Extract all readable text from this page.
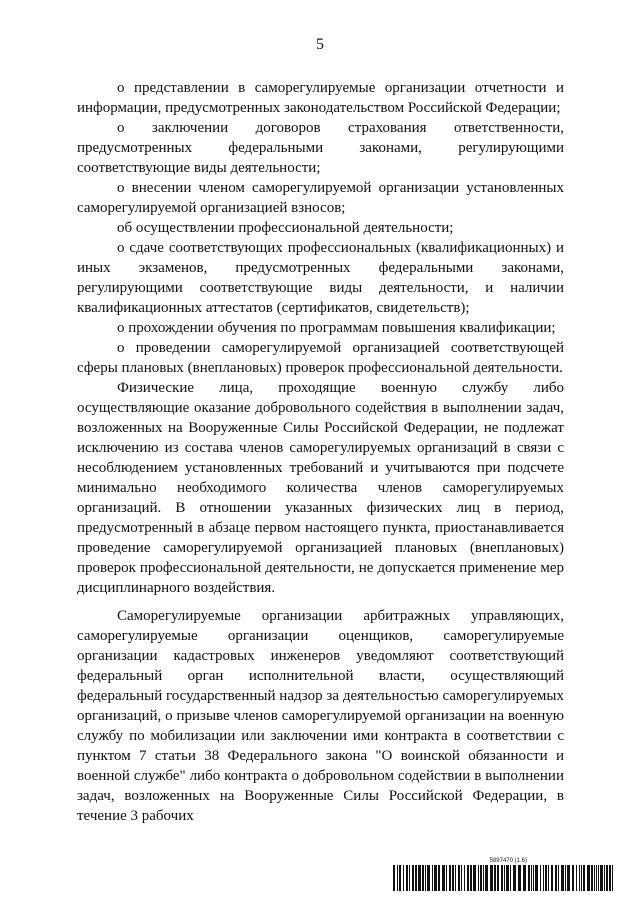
5

о представлении в саморегулируемые организации отчетности и информации, предусмотренных законодательством Российской Федерации;

о заключении договоров страхования ответственности, предусмотренных федеральными законами, регулирующими соответствующие виды деятельности;

о внесении членом саморегулируемой организации установленных саморегулируемой организацией взносов;

об осуществлении профессиональной деятельности;

о сдаче соответствующих профессиональных (квалификационных) и иных экзаменов, предусмотренных федеральными законами, регулирующими соответствующие виды деятельности, и наличии квалификационных аттестатов (сертификатов, свидетельств);

о прохождении обучения по программам повышения квалификации;

о проведении саморегулируемой организацией соответствующей сферы плановых (внеплановых) проверок профессиональной деятельности.

Физические лица, проходящие военную службу либо осуществляющие оказание добровольного содействия в выполнении задач, возложенных на Вооруженные Силы Российской Федерации, не подлежат исключению из состава членов саморегулируемых организаций в связи с несоблюдением установленных требований и учитываются при подсчете минимально необходимого количества членов саморегулируемых организаций. В отношении указанных физических лиц в период, предусмотренный в абзаце первом настоящего пункта, приостанавливается проведение саморегулируемой организацией плановых (внеплановых) проверок профессиональной деятельности, не допускается применение мер дисциплинарного воздействия.

Саморегулируемые организации арбитражных управляющих, саморегулируемые организации оценщиков, саморегулируемые организации кадастровых инженеров уведомляют соответствующий федеральный орган исполнительной власти, осуществляющий федеральный государственный надзор за деятельностью саморегулируемых организаций, о призыве членов саморегулируемой организации на военную службу по мобилизации или заключении ими контракта в соответствии с пунктом 7 статьи 38 Федерального закона "О воинской обязанности и военной службе" либо контракта о добровольном содействии в выполнении задач, возложенных на Вооруженные Силы Российской Федерации, в течение 3 рабочих

5897470 (1.6)
